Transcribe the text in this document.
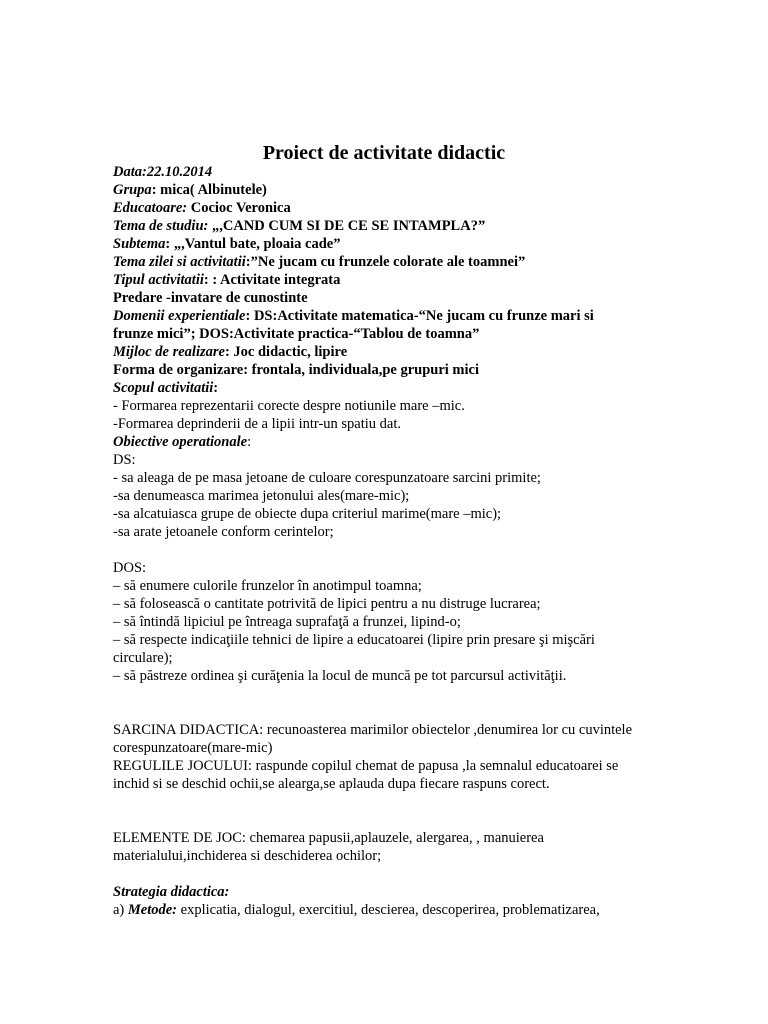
Proiect de activitate didactic
Data:22.10.2014
Grupa: mica( Albinutele)
Educatoare: Cocioc Veronica
Tema de studiu: „,CAND CUM SI DE CE SE INTAMPLA?”
Subtema: „,Vantul bate, ploaia cade”
Tema zilei si activitatii:”Ne jucam cu frunzele colorate ale toamnei”
Tipul activitatii: : Activitate integrata
Predare -invatare de cunostinte
Domenii experientiale: DS:Activitate matematica-“Ne jucam cu frunze mari si
frunze mici”; DOS:Activitate practica-“Tablou de toamna”
Mijloc de realizare: Joc didactic, lipire
Forma de organizare: frontala, individuala,pe grupuri mici
Scopul activitatii:
- Formarea reprezentarii corecte despre notiunile mare –mic.
-Formarea deprinderii de a lipii intr-un spatiu dat.
Obiective operationale:
DS:
- sa aleaga de pe masa jetoane de culoare corespunzatoare sarcini primite;
-sa denumeasca marimea jetonului ales(mare-mic);
-sa alcatuiasca grupe de obiecte dupa criteriul marime(mare –mic);
-sa arate jetoanele conform cerintelor;
DOS:
– să enumere culorile frunzelor în anotimpul toamna;
– să folosească o cantitate potrivită de lipici pentru a nu distruge lucrarea;
– să întindă lipiciul pe întreaga suprafaţă a frunzei, lipind-o;
– să respecte indicaţiile tehnici de lipire a educatoarei (lipire prin presare şi mişcări
circulare);
– să păstreze ordinea şi curăţenia la locul de muncă pe tot parcursul activităţii.
SARCINA DIDACTICA: recunoasterea marimilor obiectelor ,denumirea lor cu cuvintele
corespunzatoare(mare-mic)
REGULILE JOCULUI: raspunde copilul chemat de papusa ,la semnalul educatoarei se
inchid si se deschid ochii,se alearga,se aplauda dupa fiecare raspuns corect.
ELEMENTE DE JOC: chemarea papusii,aplauzele, alergarea, , manuierea
materialului,inchiderea si deschiderea ochilor;
Strategia didactica:
a) Metode: explicatia, dialogul, exercitiul, descierea, descoperirea, problematizarea,
